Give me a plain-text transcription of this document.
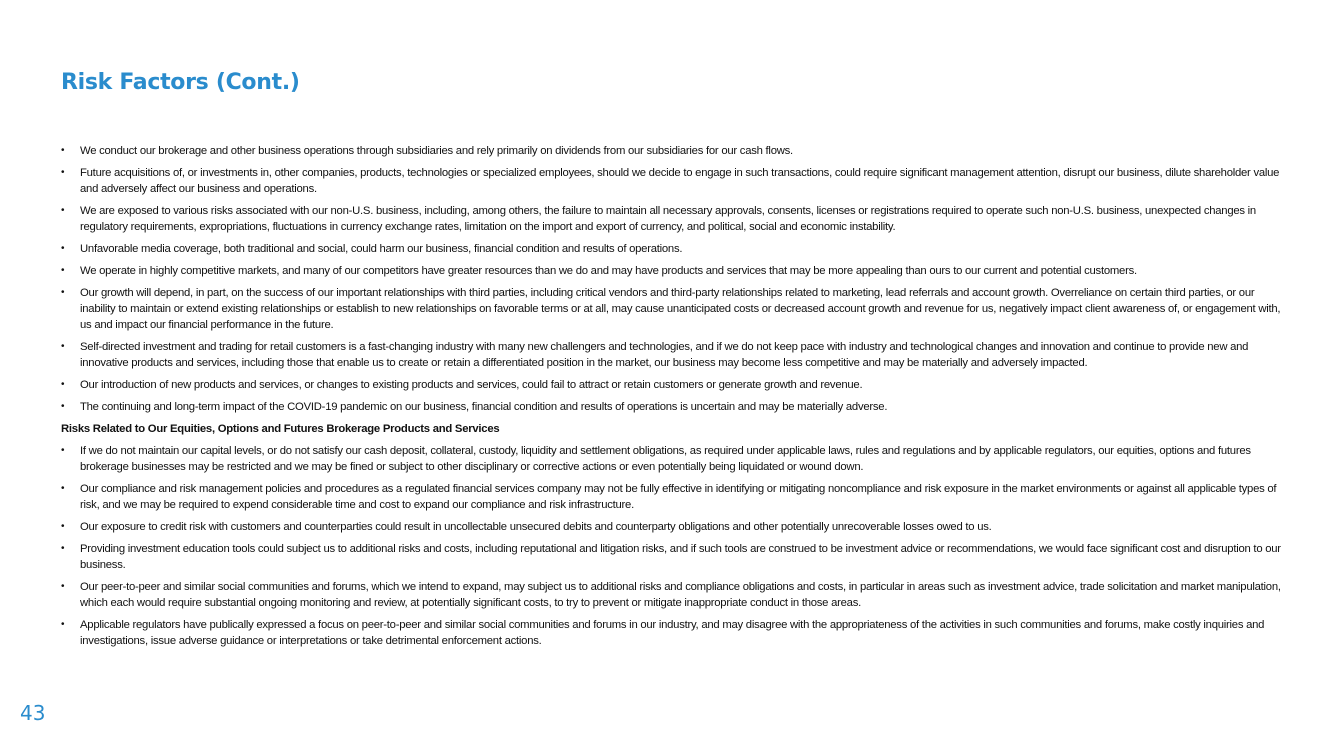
Risk Factors (Cont.)
• We conduct our brokerage and other business operations through subsidiaries and rely primarily on dividends from our subsidiaries for our cash flows.
• Future acquisitions of, or investments in, other companies, products, technologies or specialized employees, should we decide to engage in such transactions, could require significant management attention, disrupt our business, dilute shareholder value and adversely affect our business and operations.
• We are exposed to various risks associated with our non-U.S. business, including, among others, the failure to maintain all necessary approvals, consents, licenses or registrations required to operate such non-U.S. business, unexpected changes in regulatory requirements, expropriations, fluctuations in currency exchange rates, limitation on the import and export of currency, and political, social and economic instability.
• Unfavorable media coverage, both traditional and social, could harm our business, financial condition and results of operations.
• We operate in highly competitive markets, and many of our competitors have greater resources than we do and may have products and services that may be more appealing than ours to our current and potential customers.
• Our growth will depend, in part, on the success of our important relationships with third parties, including critical vendors and third-party relationships related to marketing, lead referrals and account growth. Overreliance on certain third parties, or our inability to maintain or extend existing relationships or establish to new relationships on favorable terms or at all, may cause unanticipated costs or decreased account growth and revenue for us, negatively impact client awareness of, or engagement with, us and impact our financial performance in the future.
• Self-directed investment and trading for retail customers is a fast-changing industry with many new challengers and technologies, and if we do not keep pace with industry and technological changes and innovation and continue to provide new and innovative products and services, including those that enable us to create or retain a differentiated position in the market, our business may become less competitive and may be materially and adversely impacted.
• Our introduction of new products and services, or changes to existing products and services, could fail to attract or retain customers or generate growth and revenue.
• The continuing and long-term impact of the COVID-19 pandemic on our business, financial condition and results of operations is uncertain and may be materially adverse.
Risks Related to Our Equities, Options and Futures Brokerage Products and Services
• If we do not maintain our capital levels, or do not satisfy our cash deposit, collateral, custody, liquidity and settlement obligations, as required under applicable laws, rules and regulations and by applicable regulators, our equities, options and futures brokerage businesses may be restricted and we may be fined or subject to other disciplinary or corrective actions or even potentially being liquidated or wound down.
• Our compliance and risk management policies and procedures as a regulated financial services company may not be fully effective in identifying or mitigating noncompliance and risk exposure in the market environments or against all applicable types of risk, and we may be required to expend considerable time and cost to expand our compliance and risk infrastructure.
• Our exposure to credit risk with customers and counterparties could result in uncollectable unsecured debits and counterparty obligations and other potentially unrecoverable losses owed to us.
• Providing investment education tools could subject us to additional risks and costs, including reputational and litigation risks, and if such tools are construed to be investment advice or recommendations, we would face significant cost and disruption to our business.
• Our peer-to-peer and similar social communities and forums, which we intend to expand, may subject us to additional risks and compliance obligations and costs, in particular in areas such as investment advice, trade solicitation and market manipulation, which each would require substantial ongoing monitoring and review, at potentially significant costs, to try to prevent or mitigate inappropriate conduct in those areas.
• Applicable regulators have publically expressed a focus on peer-to-peer and similar social communities and forums in our industry, and may disagree with the appropriateness of the activities in such communities and forums, make costly inquiries and investigations, issue adverse guidance or interpretations or take detrimental enforcement actions.
43
